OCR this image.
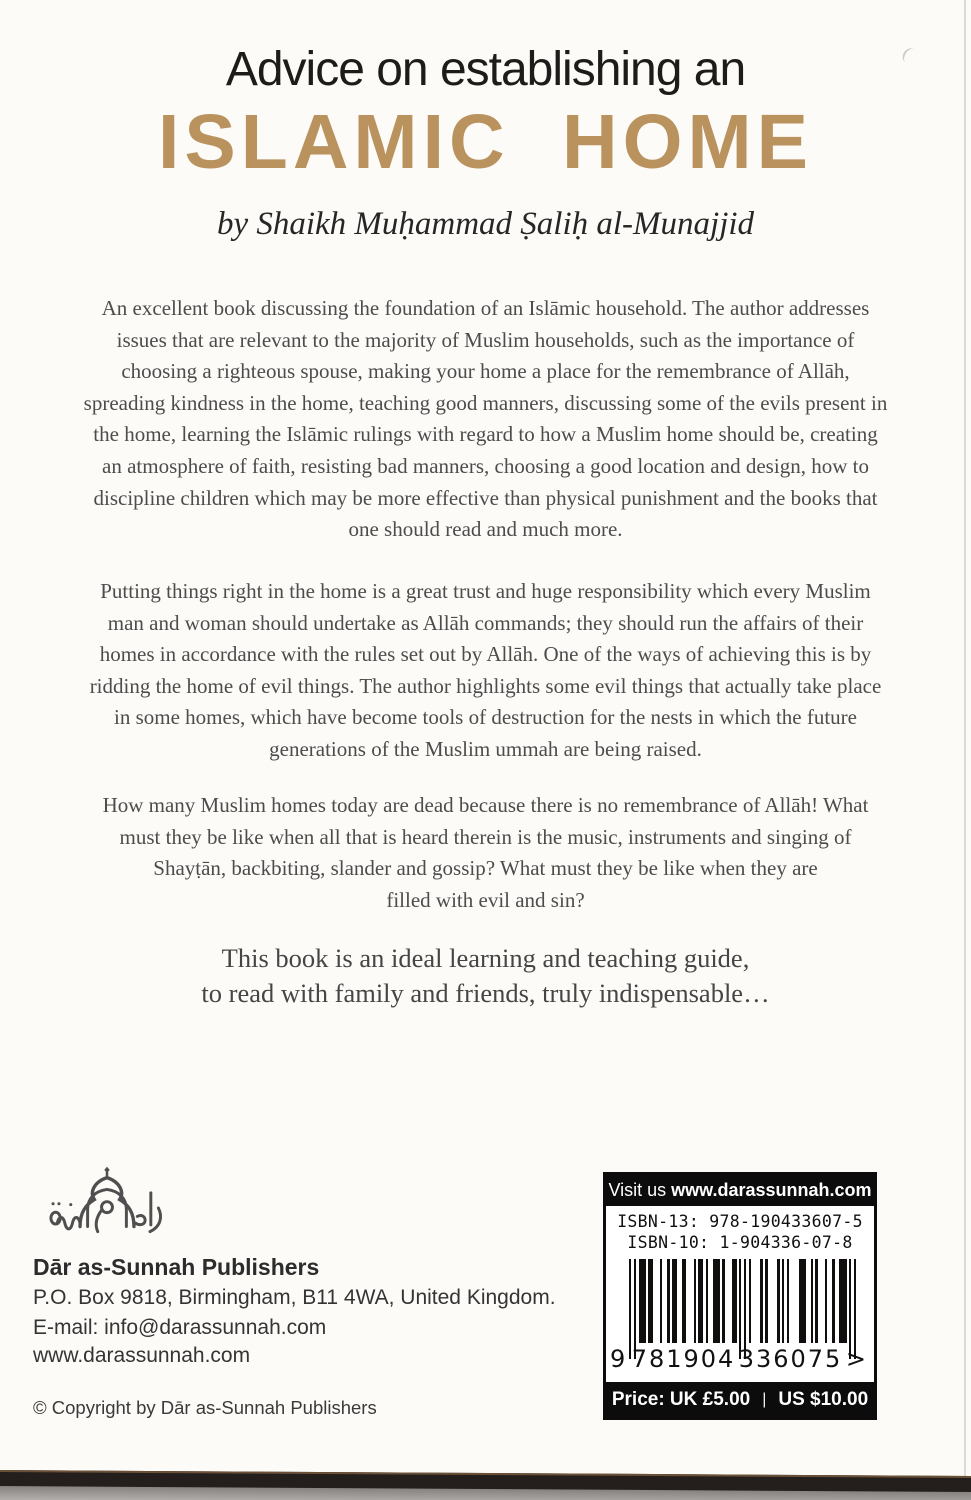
Advice on establishing an
ISLAMIC HOME
by Shaikh Muḥammad Ṣaliḥ al-Munajjid
An excellent book discussing the foundation of an Islāmic household. The author addresses
issues that are relevant to the majority of Muslim households, such as the importance of
choosing a righteous spouse, making your home a place for the remembrance of Allāh,
spreading kindness in the home, teaching good manners, discussing some of the evils present in
the home, learning the Islāmic rulings with regard to how a Muslim home should be, creating
an atmosphere of faith, resisting bad manners, choosing a good location and design, how to
discipline children which may be more effective than physical punishment and the books that
one should read and much more.
Putting things right in the home is a great trust and huge responsibility which every Muslim
man and woman should undertake as Allāh commands; they should run the affairs of their
homes in accordance with the rules set out by Allāh. One of the ways of achieving this is by
ridding the home of evil things. The author highlights some evil things that actually take place
in some homes, which have become tools of destruction for the nests in which the future
generations of the Muslim ummah are being raised.
How many Muslim homes today are dead because there is no remembrance of Allāh! What
must they be like when all that is heard therein is the music, instruments and singing of
Shayṭān, backbiting, slander and gossip? What must they be like when they are
filled with evil and sin?
This book is an ideal learning and teaching guide,
to read with family and friends, truly indispensable…
Dār as-Sunnah Publishers
P.O. Box 9818, Birmingham, B11 4WA, United Kingdom.
E-mail: info@darassunnah.com
www.darassunnah.com
© Copyright by Dār as-Sunnah Publishers
Visit us www.darassunnah.com
ISBN-13: 978-190433607-5
ISBN-10: 1-904336-07-8
9 781904 336075 >
Price: UK £5.00 | US $10.00
